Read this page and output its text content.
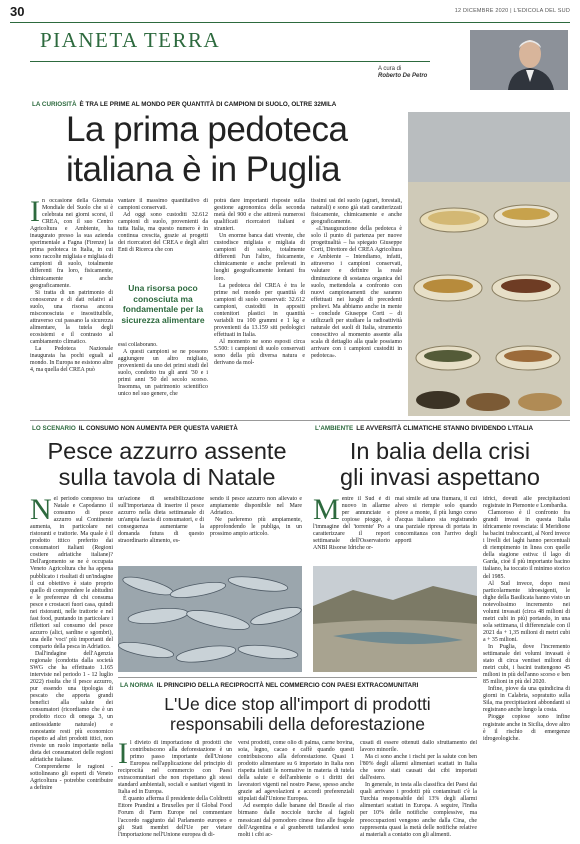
30	12 DICEMBRE 2020 | L'EDICOLA DEL SUD
PIANETA TERRA
A cura di
Roberto De Petro
LA CURIOSITÀ È TRA LE PRIME AL MONDO PER QUANTITÀ DI CAMPIONI DI SUOLO, OLTRE 32MILA
La prima pedoteca
italiana è in Puglia
I n occasione della Giornata Mondiale del Suolo che si è celebrata nei giorni scorsi, il CREA, con il suo Centro Agricoltura e Ambiente, ha inaugurato presso la sua azienda sperimentale a Fagna (Firenze) la prima pedoteca in Italia, in cui sono raccolte migliaia e migliaia di campioni di suolo, totalmente differenti fra loro, fisicamente, chimicamente e anche geograficamente.

Si tratta di un patrimonio di conoscenze e di dati relativi al suolo, una risorsa ancora misconosciuta e insostituibile, attraverso cui passano la sicurezza alimentare, la tutela degli ecosistemi e il contrasto al cambiamento climatico.

La Pedoteca Nazionale inaugurata ha pochi eguali al mondo. In Europa ne esistono altre 4, ma quella del CREA può

vantare il massimo quantitativo di campioni conservati.

Ad oggi sono custoditi 32.612 campioni di suolo, provenienti da tutta Italia, ma questo numero è in continua crescita, grazie ai progetti dei ricercatori del CREA e degli altri Enti di Ricerca che con

Una risorsa poco conosciuta ma fondamentale per la sicurezza alimentare

essi collaborano.

A questi campioni se ne possono aggiungere un altro migliaio, provenienti da uno dei primi studi del suolo, condotto tra gli anni '30 e i primi anni '50 del secolo scorso. Insomma, un patrimonio scientifico unico nel suo genere, che

potrà dare importanti risposte sulla gestione agronomica della seconda metà del 900 e che attirerà numerosi qualificati ricercatori italiani e stranieri.

Un enorme banca dati vivente, che custodisce migliaia e migliaia di campioni di suolo, totalmente differenti l'un l'altro, fisicamente, chimicamente e anche prelevati in luoghi geograficamente lontani fra loro.

La pedoteca del CREA è tra le prime nel mondo per quantità di campioni di suolo conservati: 32.612 campioni, custoditi in appositi contenitori plastici in quantità variabili tra 100 grammi e 1 kg e provenienti da 13.159 siti pedologici effettuati in Italia.

Al momento ne sono esposti circa 5.500: i campioni di suolo conservati sono della più diversa natura e derivano da mol-

tissimi usi del suolo (agrari, forestali, naturali) e sono già stati caratterizzati fisicamente, chimicamente e anche geograficamente.

«L'inaugurazione della pedoteca è solo il punto di partenza per nuove progettualità – ha spiegato Giuseppe Corti, Direttore del CREA Agricoltura e Ambiente – Intendiamo, infatti, attraverso i campioni conservati, valutare e definire la reale diminuzione di sostanza organica del suolo, mettendola a confronto con nuovi campionamenti che saranno effettuati nei luoghi di precedenti prelievi. Ma abbiamo anche in mente – conclude Giuseppe Corti – di utilizzarli per studiare la radioattività naturale dei suoli di Italia, strumento conoscitivo al momento assente alla scala di dettaglio alla quale possiamo arrivare con i campioni custoditi in pedoteca».

LO SCENARIO IL CONSUMO NON AUMENTA PER QUESTA VARIETÀ
Pesce azzurro assente
sulla tavola di Natale
N el periodo compreso tra Natale e Capodanno il consumo di pesce azzurro sul Continente aumenta, in particolare nei ristoranti e trattorie. Ma quale è il prodotto ittico preferito dai consumatori italiani (Regioni costiere adriatiche italiane)? Dell'argomento se ne è occupata Veneto Agricoltura che ha appena pubblicato i risultati di un'indagine il cui obiettivo è stato proprio quello di comprendere le abitudini e le preferenze di chi consuma pesce e crostacei fuori casa, quindi nei ristoranti, nelle trattorie e nel fast food, puntando in particolare i riflettori sul consumo del pesce azzurro (alici, sardine e sgombri), una delle 'voci' più importanti del comparto della pesca in Adriatico.

Dall'indagine dell'Agenzia regionale (condotta dalla società SWG che ha effettuato 1.165 interviste nel periodo 1 - 12 luglio 2022) risulta che il pesce azzurro, pur essendo una tipologia di pescato che apporta grandi benefici alla salute dei consumatori (ricordiamo che è un prodotto ricco di omega 3, un antiossidante naturale) e nonostante resti più economico rispetto ad altri prodotti ittici, non riveste un ruolo importante nella dieta dei consumatori delle regioni adriatiche italiane.

Comprenderne le ragioni - sottolineano gli esperti di Veneto Agricoltura - potrebbe contribuire a definire

un'azione di sensibilizzazione sull'importanza di inserire il pesce azzurro nella dieta settimanale di un'ampia fascia di consumatori, e di conseguenza aumentarne la domanda futura di questo straordinario alimento, es-

sendo il pesce azzurro non allevato e ampiamente disponibile nel Mare Adriatico.

Ne parleremo più ampiamente, approfondendo le publiga, in un prossimo ampio articolo.

L'AMBIENTE LE AVVERSITÀ CLIMATICHE STANNO DIVIDENDO L'ITALIA
In balia della crisi
gli invasi aspettano
M entre il Sud è di nuovo in allarme per annunciate e copiose piogge, è l'immagine del 'torrente' Po a caratterizzare il report settimanale dell'Osservatorio ANBI Risorse Idriche or-

mai simile ad una fiumara, il cui alveo si riempie solo quando piove a monte, il più lungo corso d'acqua italiano sta registrando una parziale ripresa di portata in concomitanza con l'arrivo degli apporti

idrici, dovuti alle precipitazioni registrate in Piemonte e Lombardia.

Clamoroso è il confronto fra grandi invasi in questa Italia idricamente rovesciata: il Meridione ha bacini traboccanti, al Nord invece i livelli dei laghi hanno percentuali di riempimento in linea con quelle della stagione estiva: il lago di Garda, cioè il più importante bacino italiano, ha toccato il minimo storico del 1985.

Al Sud invece, dopo mesi particolarmente idroesigenti, le dighe della Basilicata hanno visto un notevolissimo incremento nei volumi invasati (circa 48 milioni di metri cubi in più) portando, in una sola settimana, il differenziale con il 2021 da + 1,35 milioni di metri cubi a + 35 milioni.

In Puglia, dove l'incremento settimanale dei volumi invasati è stato di circa ventisei milioni di metri cubi, i bacini trattengono 45 milioni in più dell'anno scorso e ben 85 milioni in più del 2020.

Infine, piove da una quindicina di giorni in Calabria, sopratutto sulla Sila, ma precipitazioni abbondanti si registrano anche lungo la costa.

Piogge copiose sono infine registrate anche in Sicilia, dove altro è il rischio di emergenze idrogeologiche.

LA NORMA IL PRINCIPIO DELLA RECIPROCITÀ NEL COMMERCIO CON PAESI EXTRACOMUNITARI
L'Ue dice stop all'import di prodotti
responsabili della deforestazione
I l divieto di importazione di prodotti che contribuiscono alla deforestazione è un primo passo importante dell'Unione Europea nell'applicazione del principio di reciprocità nel commercio con Paesi extracomunitari che non rispettano gli stessi standard ambientali, sociali e sanitari vigenti in Italia ed in Europa.

È quanto afferma il presidente della Coldiretti Ettore Prandini a Bruxelles per il Global Food Forum di Farm Europe nel commentare l'accordo raggiunto dal Parlamento europeo e gli Stati membri dell'Ue per vietare l'importazione nell'Unione europea di di-

versi prodotti, come olio di palma, carne bovina, soia, legno, cacao e caffè quando questi contribuiscono alla deforestazione. Quasi 1 prodotto alimentare su 6 importato in Italia non rispetta infatti le normative in materia di tutela della salute e dell'ambiente o i diritti dei lavoratori vigenti nel nostro Paese, spesso anche grazie ad agevolazioni e accordi preferenziali stipulati dall'Unione Europea.

Ad esempio dalle banane del Brasile al riso birmano dalle nocciole turche al fagioli messicani dal pomodoro cinese fino alle fragole dell'Argentina e al granberetti tailandesi sono molti i cibi ac-

cusati di essere ottenuti dallo sfruttamento del lavoro minorile.

Ma ci sono anche i rischi per la salute con ben l'80% degli allarmi alimentari scattati in Italia che sono stati causati dai cibi importati dall'estero.

In generale, in testa alla classifica dei Paesi dai quali arrivano i prodotti più contaminati c'è la Turchia responsabile del 13% degli allarmi alimentari scattati in Europa. A seguire, l'India per 10% delle notifiche complessive, ma preoccupazioni vengono anche dalla Cina, che rappresenta quasi la metà delle notifiche relative ai materiali a contatto con gli alimenti.
